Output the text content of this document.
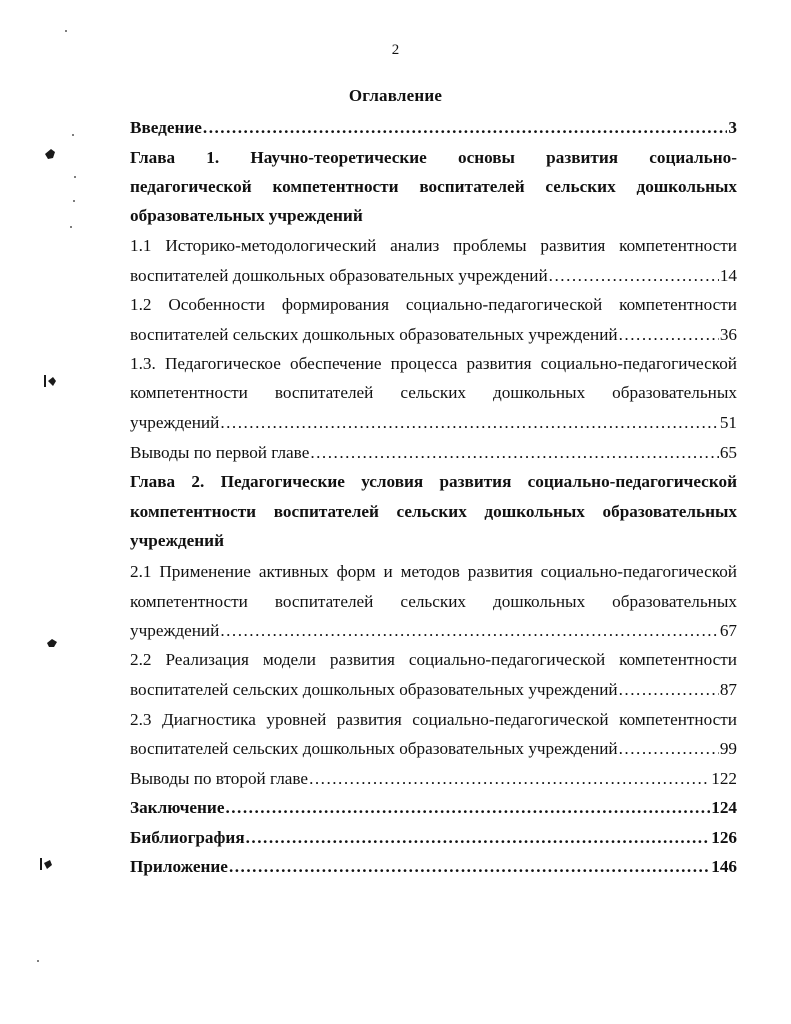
2
Оглавление
Введение .....	3
Глава 1. Научно-теоретические основы развития социально-
педагогической компетентности воспитателей сельских дошкольных
образовательных учреждений
1.1 Историко-методологический анализ проблемы развития компетентности
воспитателей дошкольных образовательных учреждений .....	14
1.2 Особенности формирования социально-педагогической компетентности
воспитателей сельских дошкольных образовательных учреждений .....	36
1.3. Педагогическое обеспечение процесса развития социально-педагогической
компетентности воспитателей сельских дошкольных образовательных
учреждений .....	51
Выводы по первой главе .....	65
Глава 2. Педагогические условия развития социально-педагогической
компетентности воспитателей сельских дошкольных образовательных
учреждений
2.1 Применение активных форм и методов развития социально-педагогической
компетентности воспитателей сельских дошкольных образовательных
учреждений .....	67
2.2 Реализация модели развития социально-педагогической компетентности
воспитателей сельских дошкольных образовательных учреждений .....	87
2.3 Диагностика уровней развития социально-педагогической компетентности
воспитателей сельских дошкольных образовательных учреждений .....	99
Выводы по второй главе .....	122
Заключение .....	124
Библиография .....	126
Приложение .....	146
